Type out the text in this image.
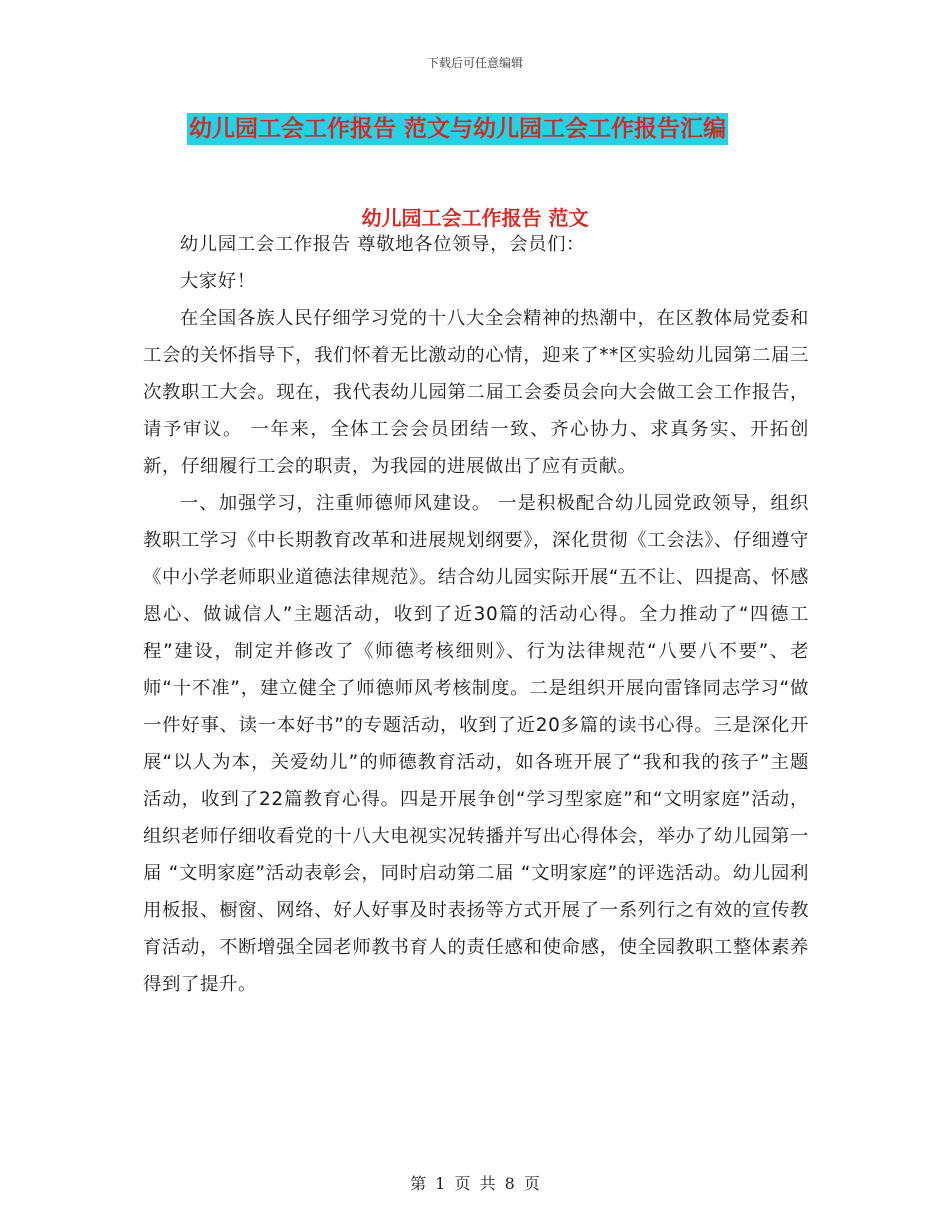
下载后可任意编辑
幼儿园工会工作报告 范文与幼儿园工会工作报告汇编
幼儿园工会工作报告 范文

幼儿园工会工作报告 尊敬地各位领导，会员们：

大家好！

在全国各族人民仔细学习党的十八大全会精神的热潮中，在区教体局党委和工会的关怀指导下，我们怀着无比激动的心情，迎来了**区实验幼儿园第二届三次教职工大会。现在，我代表幼儿园第二届工会委员会向大会做工会工作报告，请予审议。 一年来，全体工会会员团结一致、齐心协力、求真务实、开拓创新，仔细履行工会的职责，为我园的进展做出了应有贡献。

一、加强学习，注重师德师风建设。 一是积极配合幼儿园党政领导，组织教职工学习《中长期教育改革和进展规划纲要》，深化贯彻《工会法》、仔细遵守《中小学老师职业道德法律规范》。结合幼儿园实际开展“五不让、四提高、怀感恩心、做诚信人”主题活动，收到了近30篇的活动心得。全力推动了“四德工程”建设，制定并修改了《师德考核细则》、行为法律规范“八要八不要”、老师“十不准”，建立健全了师德师风考核制度。二是组织开展向雷锋同志学习“做一件好事、读一本好书”的专题活动，收到了近20多篇的读书心得。三是深化开展“以人为本，关爱幼儿”的师德教育活动，如各班开展了“我和我的孩子”主题活动，收到了22篇教育心得。四是开展争创“学习型家庭”和“文明家庭”活动，组织老师仔细收看党的十八大电视实况转播并写出心得体会，举办了幼儿园第一届 “文明家庭”活动表彰会，同时启动第二届 “文明家庭”的评选活动。幼儿园利用板报、橱窗、网络、好人好事及时表扬等方式开展了一系列行之有效的宣传教育活动，不断增强全园老师教书育人的责任感和使命感，使全园教职工整体素养得到了提升。

第 1 页 共 8 页
